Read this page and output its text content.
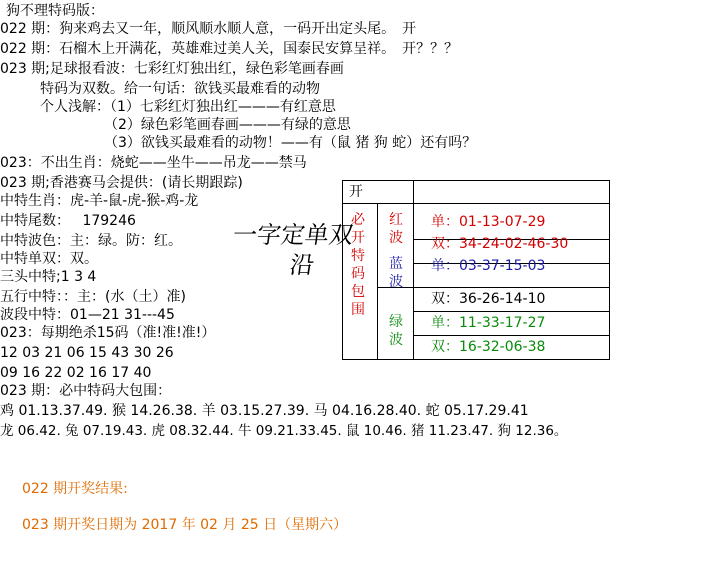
狗不理特码版：
022 期：狗来鸡去又一年，顺风顺水顺人意，一码开出定头尾。　开
022 期：石榴木上开满花，英雄难过美人关，国泰民安算呈祥。　开？？？
023 期;足球报看波：七彩红灯独出红，绿色彩笔画春画
特码为双数。给一句话：欲钱买最难看的动物
个人浅解：（1）七彩红灯独出红———有红意思
（2）绿色彩笔画春画———有绿的意思
（3）欲钱买最难看的动物！——有（鼠 猪 狗 蛇）还有吗？
023：不出生肖：烧蛇——坐牛——吊龙——禁马
023 期;香港赛马会提供：(请长期跟踪)
中特生肖：虎-羊-鼠-虎-猴-鸡-龙
中特尾数： 179246
中特波色：主：绿。防：红。
中特单双：双。
三头中特;1 3 4
五行中特：：主：(水（土）准)
波段中特：01—21 31---45
023：每期绝杀15码（准!准!准!）
12 03 21 06 15 43 30 26
09 16 22 02 16 17 40
023 期：必中特码大包围：
鸡 01.13.37.49. 猴 14.26.38. 羊 03.15.27.39. 马 04.16.28.40. 蛇 05.17.29.41
龙 06.42. 兔 07.19.43. 虎 08.32.44. 牛 09.21.33.45. 鼠 10.46. 猪 11.23.47. 狗 12.36。
一字定单双
沿
022 期开奖结果:
023 期开奖日期为 2017 年 02 月 25 日（星期六）
开
必开特码包围
红波
蓝波
绿波
单：01-13-07-29
双：34-24-02-46-30
单：03-37-15-03
双：36-26-14-10
单：11-33-17-27
双：16-32-06-38
